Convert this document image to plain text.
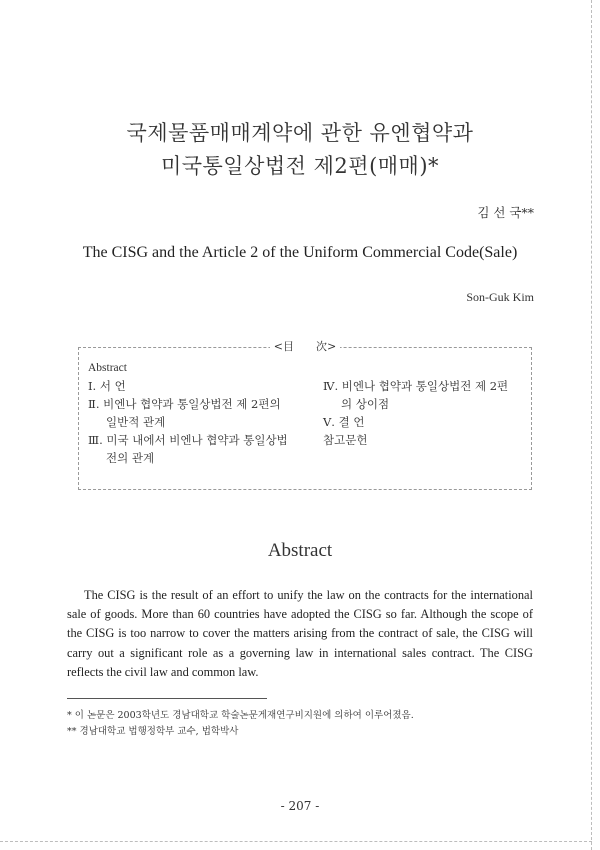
국제물품매매계약에 관한 유엔협약과
미국통일상법전 제2편(매매)*
김 선 국**
The CISG and the Article 2 of the Uniform Commercial Code(Sale)
Son-Guk Kim
<目　　次>
Abstract
Ⅰ. 서 언
Ⅱ. 비엔나 협약과 통일상법전 제 2편의
일반적 관계
Ⅲ. 미국 내에서 비엔나 협약과 통일상법
전의 관계
Ⅳ. 비엔나 협약과 통일상법전 제 2편
의 상이점
Ⅴ. 결 언
참고문헌
Abstract

The CISG is the result of an effort to unify the law on the contracts for the international sale of goods. More than 60 countries have adopted the CISG so far. Although the scope of the CISG is too narrow to cover the matters arising from the contract of sale, the CISG will carry out a significant role as a governing law in international sales contract. The CISG reflects the civil law and common law.

* 이 논문은 2003학년도 경남대학교 학술논문게재연구비지원에 의하여 이루어졌음.
** 경남대학교 법행정학부 교수, 법학박사
- 207 -
